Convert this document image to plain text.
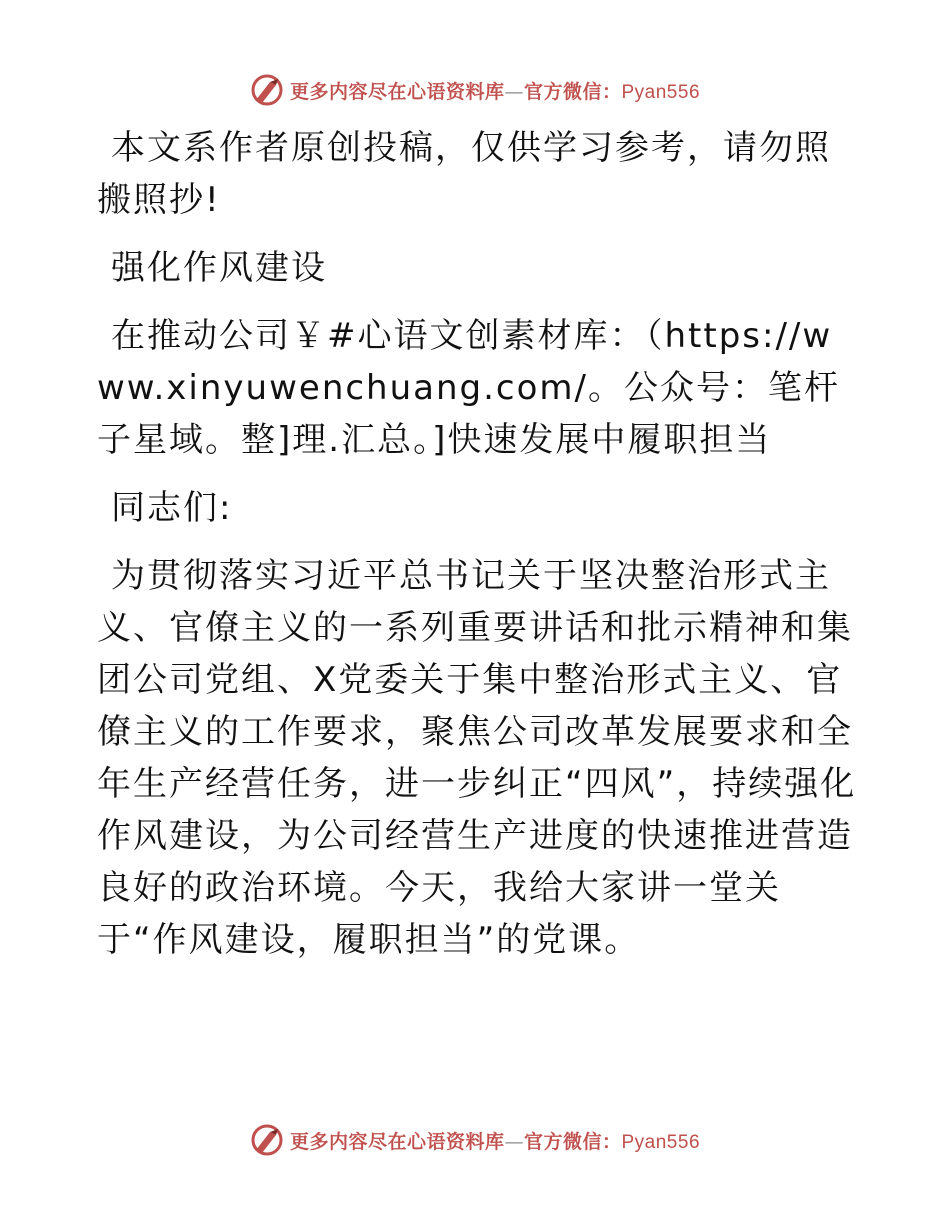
更多内容尽在心语资料库—官方微信：Pyan556

本文系作者原创投稿，仅供学习参考，请勿照搬照抄!

强化作风建设

在推动公司￥#心语文创素材库：（https://www.xinyuwenchuang.com/。公众号：笔杆子星域。整]理.汇总。]快速发展中履职担当

同志们:

为贯彻落实习近平总书记关于坚决整治形式主义、官僚主义的一系列重要讲话和批示精神和集团公司党组、X党委关于集中整治形式主义、官僚主义的工作要求，聚焦公司改革发展要求和全年生产经营任务，进一步纠正“四风”，持续强化作风建设，为公司经营生产进度的快速推进营造良好的政治环境。今天，我给大家讲一堂关于“作风建设，履职担当”的党课。

更多内容尽在心语资料库—官方微信：Pyan556
